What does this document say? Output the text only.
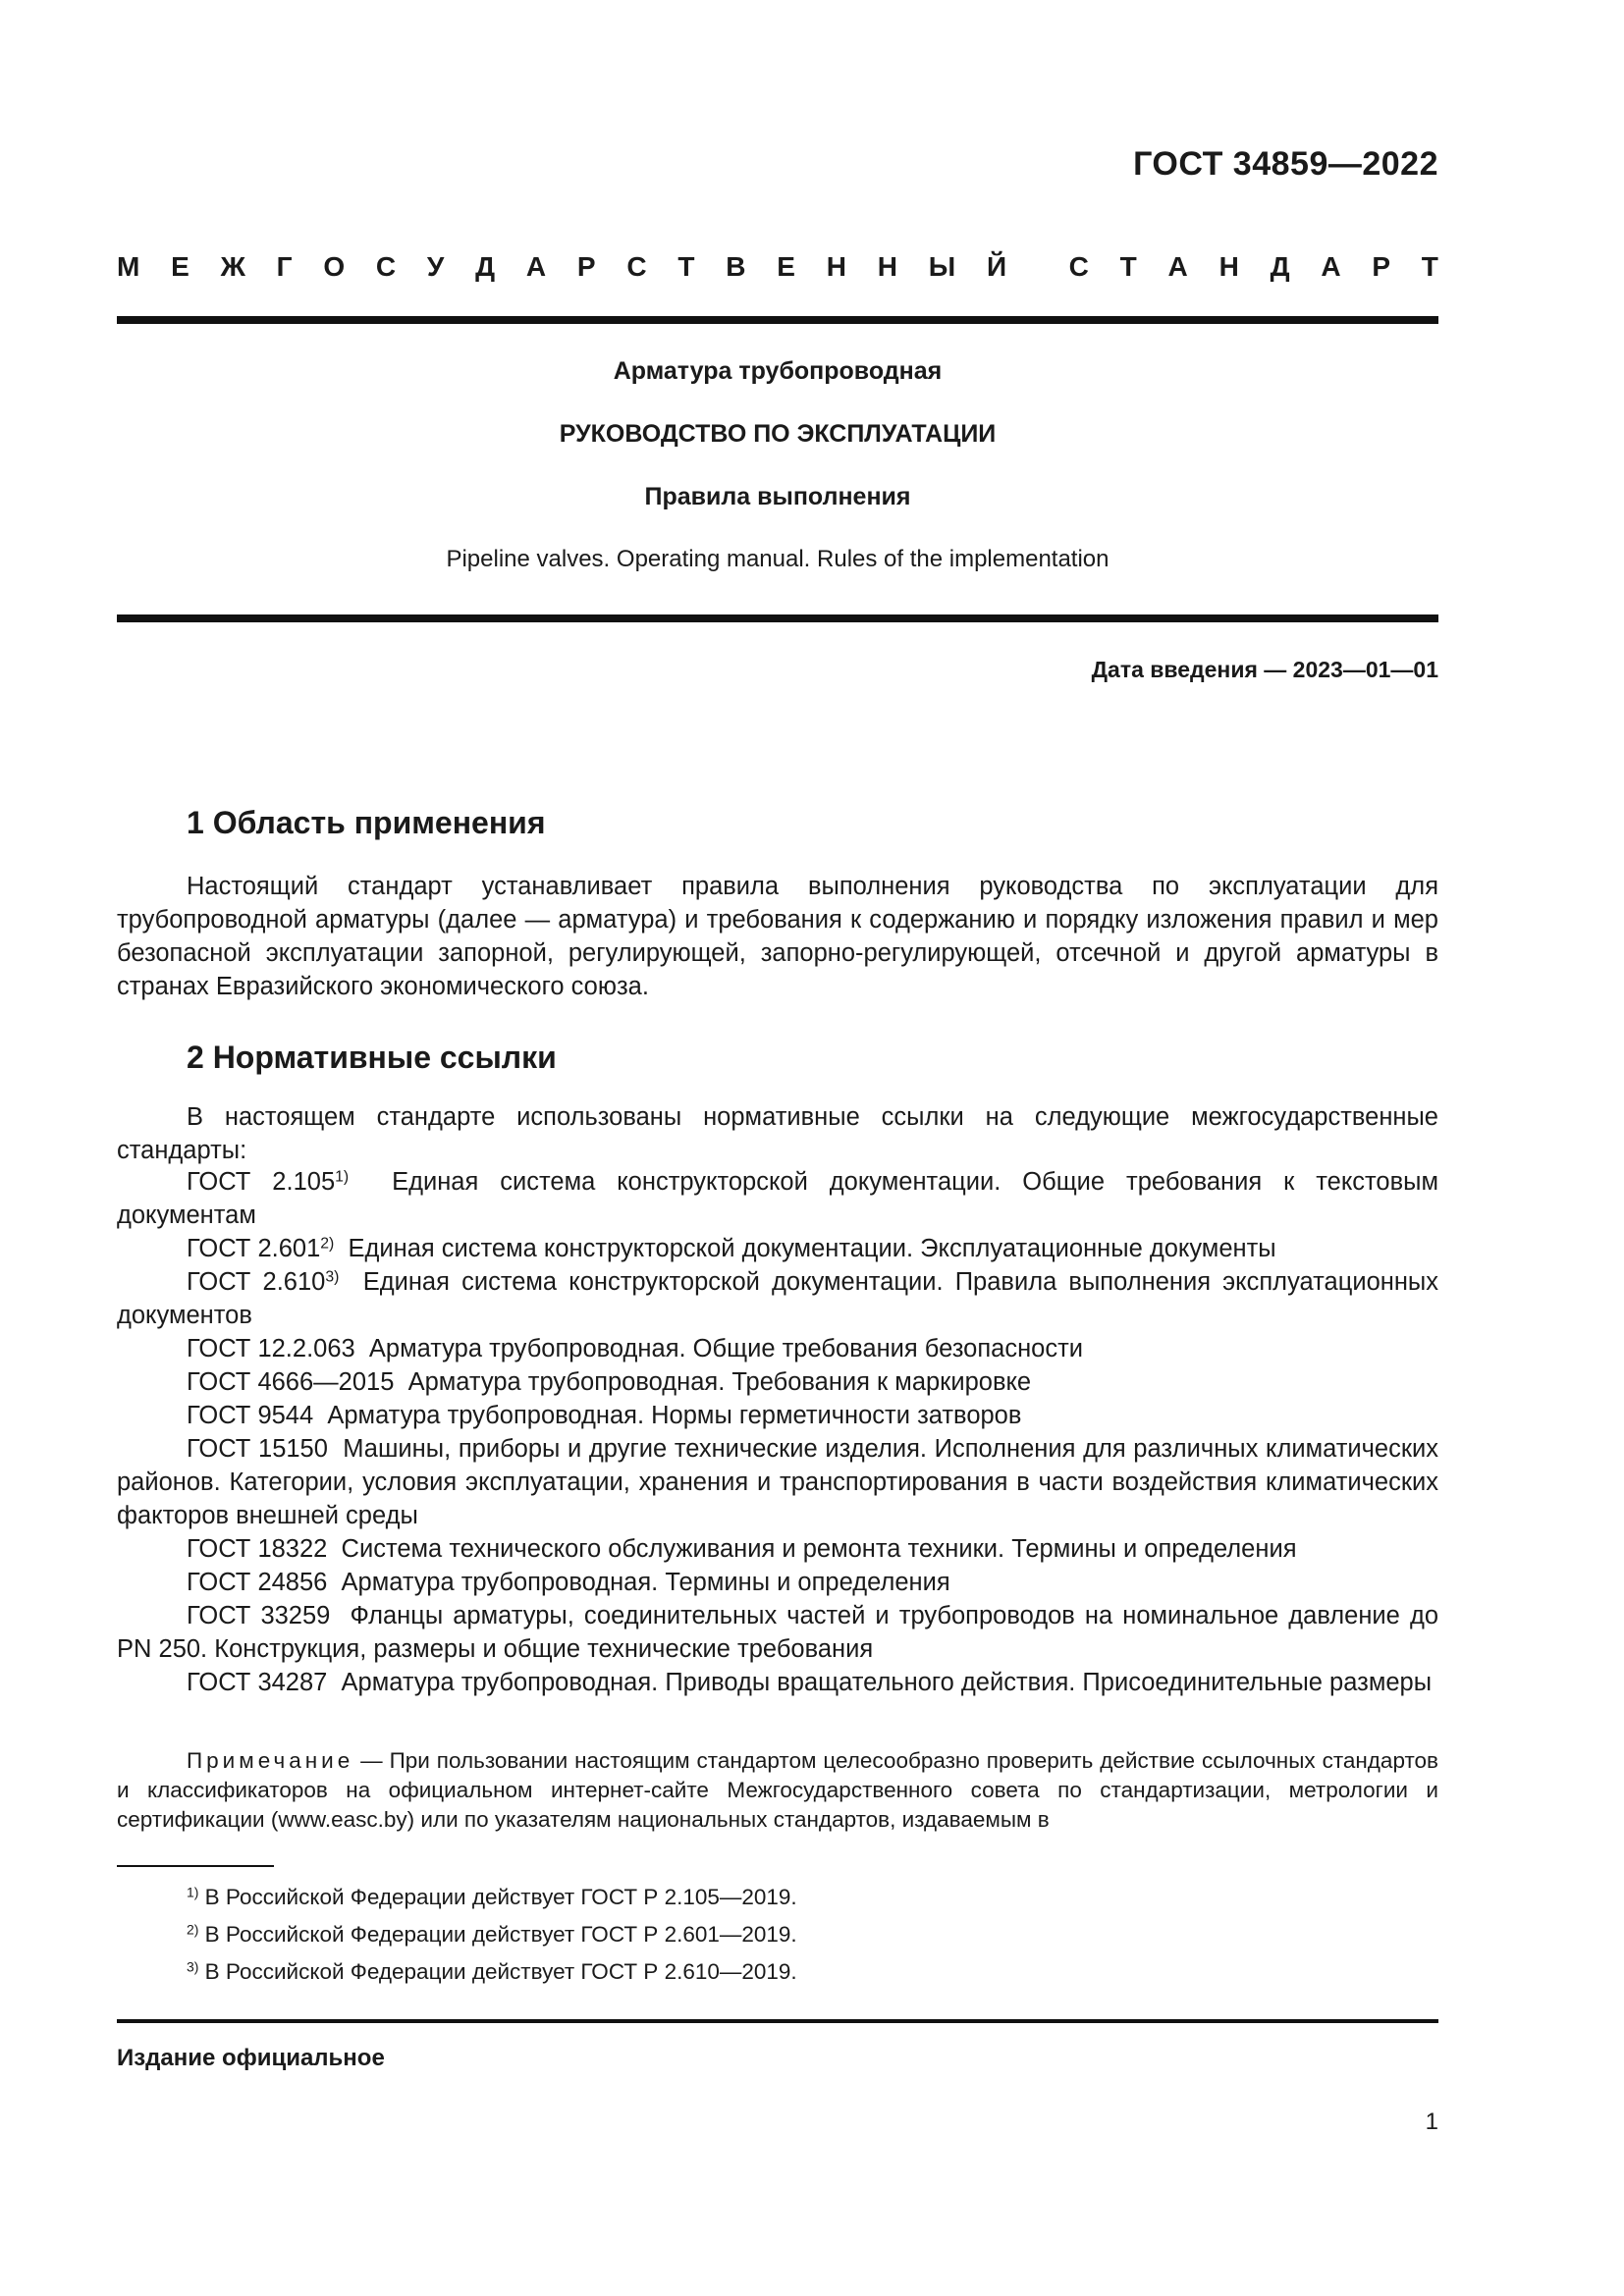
ГОСТ 34859—2022
М Е Ж Г О С У Д А Р С Т В Е Н Н Ы Й С Т А Н Д А Р Т
Арматура трубопроводная
РУКОВОДСТВО ПО ЭКСПЛУАТАЦИИ
Правила выполнения
Pipeline valves. Operating manual. Rules of the implementation
Дата введения — 2023—01—01
1 Область применения

Настоящий стандарт устанавливает правила выполнения руководства по эксплуатации для трубопроводной арматуры (далее — арматура) и требования к содержанию и порядку изложения правил и мер безопасной эксплуатации запорной, регулирующей, запорно-регулирующей, отсечной и другой арматуры в странах Евразийского экономического союза.

2 Нормативные ссылки

В настоящем стандарте использованы нормативные ссылки на следующие межгосударственные стандарты:

ГОСТ 2.105$^{1)}$ Единая система конструкторской документации. Общие требования к текстовым документам
ГОСТ 2.601$^{2)}$ Единая система конструкторской документации. Эксплуатационные документы
ГОСТ 2.610$^{3)}$ Единая система конструкторской документации. Правила выполнения эксплуатационных документов
ГОСТ 12.2.063 Арматура трубопроводная. Общие требования безопасности
ГОСТ 4666—2015 Арматура трубопроводная. Требования к маркировке
ГОСТ 9544 Арматура трубопроводная. Нормы герметичности затворов
ГОСТ 15150 Машины, приборы и другие технические изделия. Исполнения для различных климатических районов. Категории, условия эксплуатации, хранения и транспортирования в части воздействия климатических факторов внешней среды
ГОСТ 18322 Система технического обслуживания и ремонта техники. Термины и определения
ГОСТ 24856 Арматура трубопроводная. Термины и определения
ГОСТ 33259 Фланцы арматуры, соединительных частей и трубопроводов на номинальное давление до PN 250. Конструкция, размеры и общие технические требования
ГОСТ 34287 Арматура трубопроводная. Приводы вращательного действия. Присоединительные размеры
Примечание — При пользовании настоящим стандартом целесообразно проверить действие ссылочных стандартов и классификаторов на официальном интернет-сайте Межгосударственного совета по стандартизации, метрологии и сертификации (www.easc.by) или по указателям национальных стандартов, издаваемым в
$^{1)}$ В Российской Федерации действует ГОСТ Р 2.105—2019.
$^{2)}$ В Российской Федерации действует ГОСТ Р 2.601—2019.
$^{3)}$ В Российской Федерации действует ГОСТ Р 2.610—2019.
Издание официальное
1
